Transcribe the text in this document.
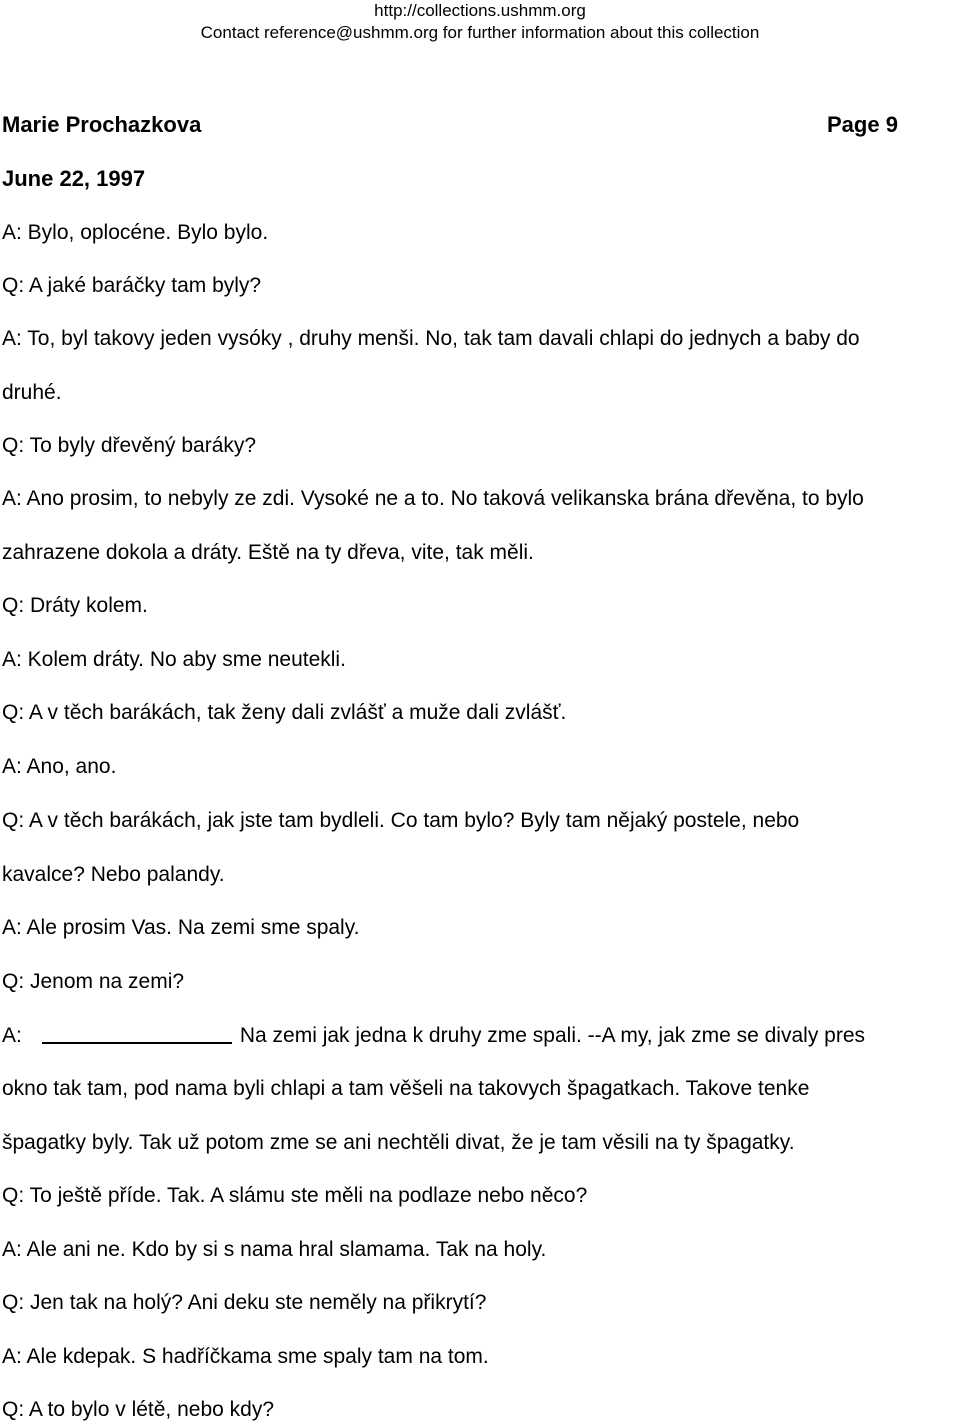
http://collections.ushmm.org
Contact reference@ushmm.org for further information about this collection
Marie Prochazkova	Page 9
June 22, 1997
A: Bylo, oplocéne. Bylo bylo.
Q: A jaké baráčky tam byly?
A: To, byl takovy jeden vysóky , druhy menši. No, tak tam davali chlapi do jednych a baby do
druhé.
Q: To byly dřevěný baráky?
A: Ano prosim, to nebyly ze zdi. Vysoké ne a to. No taková velikanska brána dřevěna, to bylo
zahrazene dokola a dráty. Eště na ty dřeva, vite, tak měli.
Q: Dráty kolem.
A: Kolem dráty. No aby sme neutekli.
Q: A v těch barákách, tak ženy dali zvlášť a muže dali zvlášť.
A: Ano, ano.
Q: A v těch barákách, jak jste tam bydleli. Co tam bylo? Byly tam nějaký postele, nebo
kavalce? Nebo palandy.
A: Ale prosim Vas. Na zemi sme spaly.
Q: Jenom na zemi?
A:	Na zemi jak jedna k druhy zme spali. --A my, jak zme se divaly pres
okno tak tam, pod nama byli chlapi a tam věšeli na takovych špagatkach. Takove tenke
špagatky byly. Tak už potom zme se ani nechtěli divat, že je tam věsili na ty špagatky.
Q: To ještě příde. Tak. A slámu ste měli na podlaze nebo něco?
A: Ale ani ne. Kdo by si s nama hral slamama. Tak na holy.
Q: Jen tak na holý? Ani deku ste neměly na přikrytí?
A: Ale kdepak. S hadříčkama sme spaly tam na tom.
Q: A to bylo v létě, nebo kdy?
